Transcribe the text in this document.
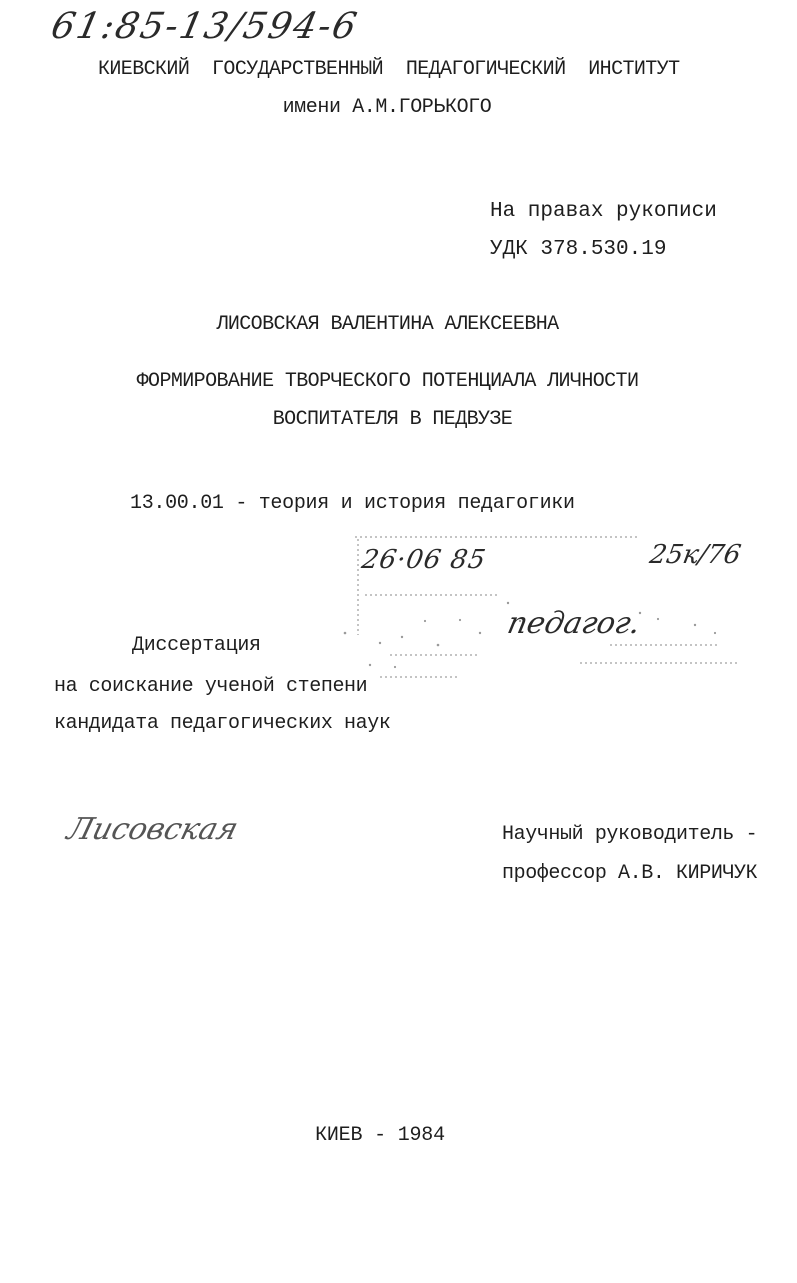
61:85-13/594-6
КИЕВСКИЙ  ГОСУДАРСТВЕННЫЙ  ПЕДАГОГИЧЕСКИЙ  ИНСТИТУТ
имени А.М.ГОРЬКОГО
На правах рукописи
УДК 378.530.19
ЛИСОВСКАЯ ВАЛЕНТИНА АЛЕКСЕЕВНА
ФОРМИРОВАНИЕ ТВОРЧЕСКОГО ПОТЕНЦИАЛА ЛИЧНОСТИ
ВОСПИТАТЕЛЯ В ПЕДВУЗЕ
13.00.01 - теория и история педагогики
26·06 85	25к/76
педагог.
Диссертация
на соискание ученой степени
кандидата педагогических наук
Лисовская	Научный руководитель -
профессор А.В. КИРИЧУК
КИЕВ - 1984
